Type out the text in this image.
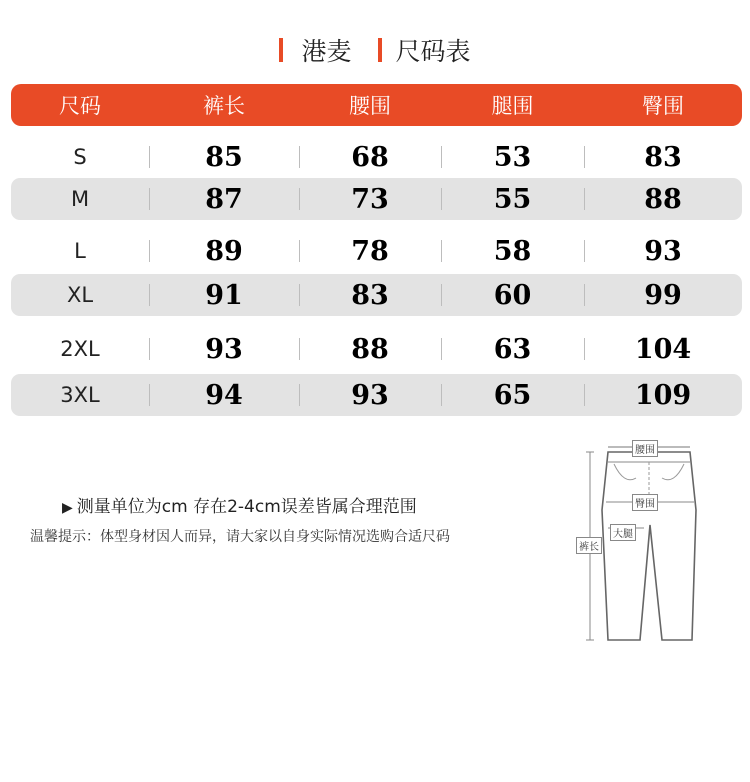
港麦 尺码表
尺码	裤长	腰围	腿围	臀围
S	85	68	53	83
M	87	73	55	88
L	89	78	58	93
XL	91	83	60	99
2XL	93	88	63	104
3XL	94	93	65	109
▶ 测量单位为cm 存在2-4cm误差皆属合理范围
温馨提示：体型身材因人而异，请大家以自身实际情况选购合适尺码
腰围
臀围
大腿
裤长
